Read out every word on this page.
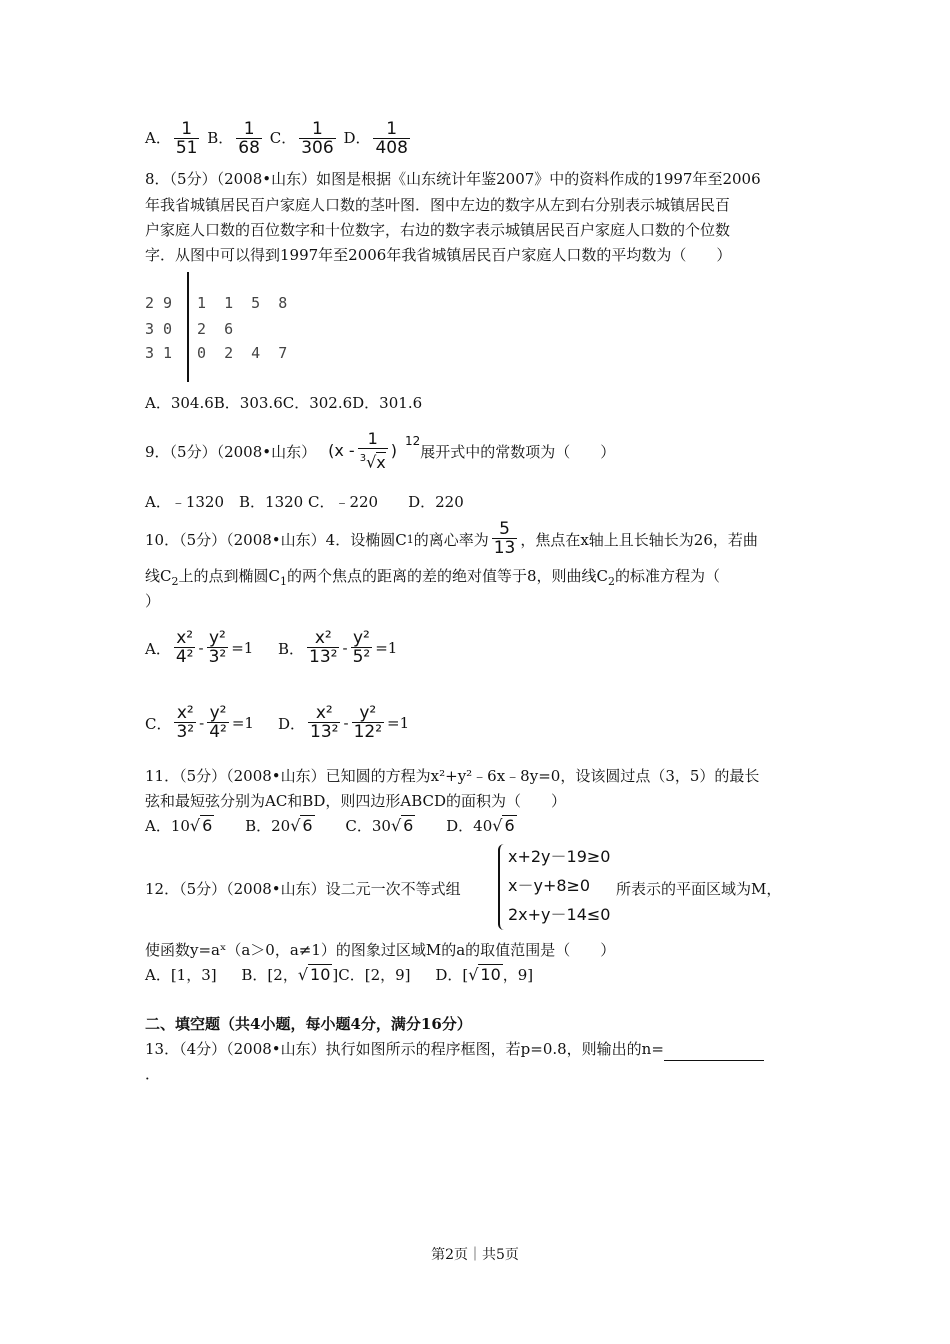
A． $\frac{1}{51}$ B． $\frac{1}{68}$ C． $\frac{1}{306}$ D． $\frac{1}{408}$
8．（5分）（2008•山东）如图是根据《山东统计年鉴2007》中的资料作成的1997年至2006
年我省城镇居民百户家庭人口数的茎叶图．图中左边的数字从左到右分别表示城镇居民百
户家庭人口数的百位数字和十位数字，右边的数字表示城镇居民百户家庭人口数的个位数
字．从图中可以得到1997年至2006年我省城镇居民百户家庭人口数的平均数为（　　）
2 9 1  1  5  8
3 0 2  6
3 1 0  2  4  7
A．304.6B．303.6C．302.6D．301.6
9．（5分）（2008•山东） ($x - \frac{1}{^3√x}$ )
12
展开式中的常数项为（　　）
A．﹣1320　B．1320 C．﹣220　　D．220
10．（5分）（2008•山东）4．设椭圆C 1 的离心率为 $\frac{5}{13}$ ，焦点在x轴上且长轴长为26，若曲
线$C_2$上的点到椭圆$C_1$的两个焦点的距离的差的绝对值等于8，则曲线$C_2$的标准方程为（
）
A． $\frac{\text{x²}}{\text{4²}} - \frac{\text{y²}}{\text{3²}} =1$ B． $\frac{\text{x²}}{\text{13²}} - \frac{\text{y²}}{\text{5²}} =1$
C． $\frac{\text{x²}}{\text{3²}} - \frac{\text{y²}}{\text{4²}} =1$ D． $\frac{\text{x²}}{\text{13²}} - \frac{\text{y²}}{\text{12²}} =1$
11．（5分）（2008•山东）已知圆的方程为x²+y²﹣6x﹣8y=0，设该圆过点（3，5）的最长
弦和最短弦分别为AC和BD，则四边形ABCD的面积为（　　）
A．10√ 6 B．20√ 6 C．30√ 6 D．40√ 6
12．（5分）（2008•山东）设二元一次不等式组
x+2y－19≥0
x－y+8≥0
2x+y－14≤0
所表示的平面区域为M，
使函数y=aˣ（a＞0，a≠1）的图象过区域M的a的取值范围是（　　）
A．[1，3] B．[2，√ 10 ]C．[2，9] D．[√ 10 ，9]
二、填空题（共4小题，每小题4分，满分16分）
13．（4分）（2008•山东）执行如图所示的程序框图，若p=0.8，则输出的n=
．
第2页｜共5页
